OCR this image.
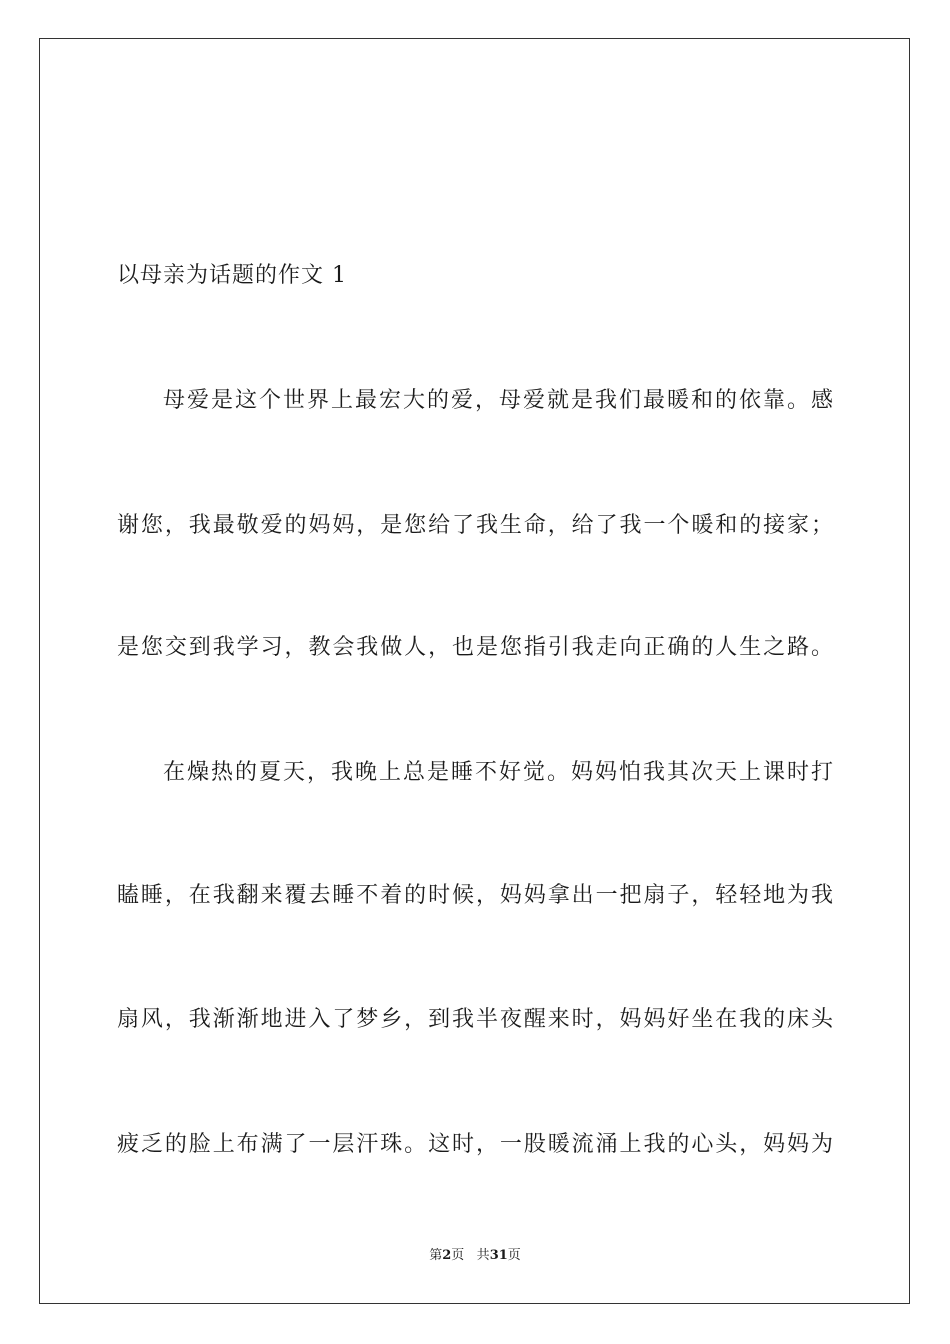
以母亲为话题的作文 1
母爱是这个世界上最宏大的爱，母爱就是我们最暖和的依靠。感
谢您，我最敬爱的妈妈，是您给了我生命，给了我一个暖和的接家；
是您交到我学习，教会我做人，也是您指引我走向正确的人生之路。
在燥热的夏天，我晚上总是睡不好觉。妈妈怕我其次天上课时打
瞌睡，在我翻来覆去睡不着的时候，妈妈拿出一把扇子，轻轻地为我
扇风，我渐渐地进入了梦乡，到我半夜醒来时，妈妈好坐在我的床头
疲乏的脸上布满了一层汗珠。这时，一股暖流涌上我的心头，妈妈为
第2页 共31页
